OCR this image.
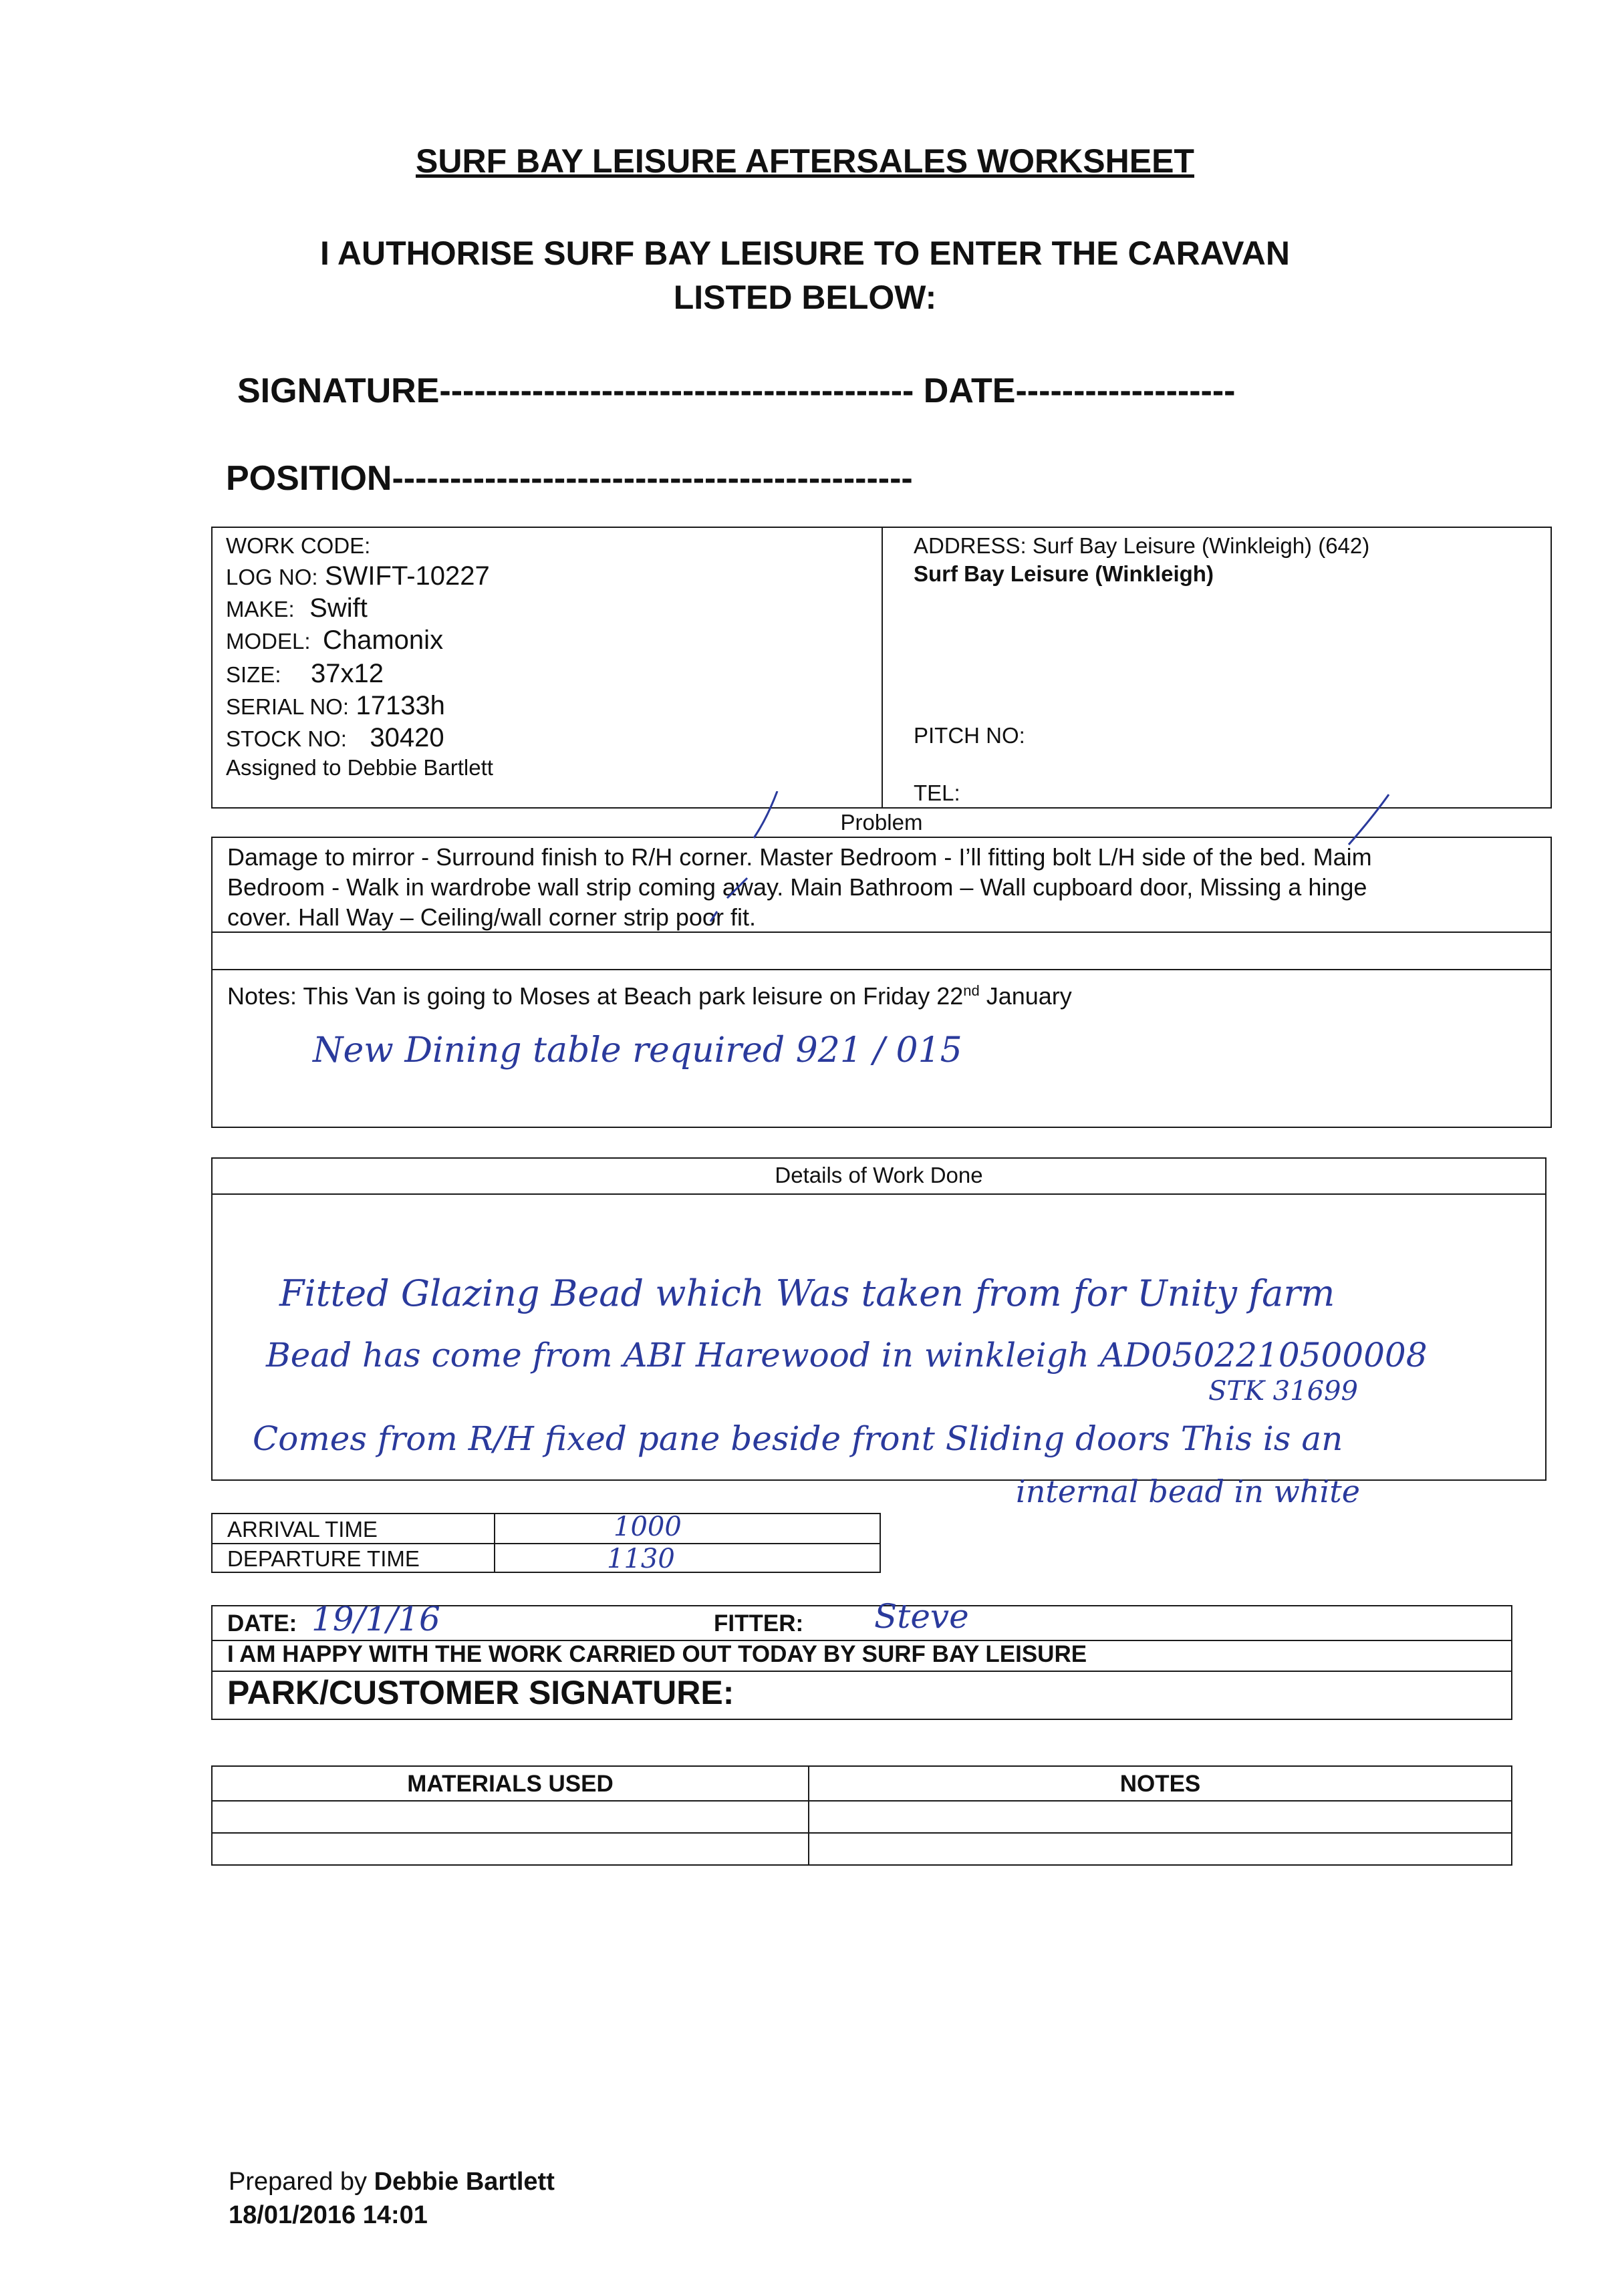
SURF BAY LEISURE AFTERSALES WORKSHEET
I AUTHORISE SURF BAY LEISURE TO ENTER THE CARAVAN
LISTED BELOW:
SIGNATURE----------------------------------------- DATE-------------------
POSITION---------------------------------------------
WORK CODE:
LOG NO: SWIFT-10227
MAKE: Swift
MODEL: Chamonix
SIZE: 37x12
SERIAL NO: 17133h
STOCK NO: 30420
Assigned to Debbie Bartlett
ADDRESS: Surf Bay Leisure (Winkleigh) (642)
Surf Bay Leisure (Winkleigh)
PITCH NO:
TEL:
Problem
Damage to mirror - Surround finish to R/H corner. Master Bedroom - I’ll fitting bolt L/H side of the bed. Maim
Bedroom - Walk in wardrobe wall strip coming away. Main Bathroom – Wall cupboard door, Missing a hinge
cover. Hall Way – Ceiling/wall corner strip poor fit.
Notes: This Van is going to Moses at Beach park leisure on Friday 22nd January
New Dining table required 921 / 015
Details of Work Done
Fitted Glazing Bead which Was taken from for Unity farm
Bead has come from ABI Harewood in winkleigh AD0502210500008
STK 31699
Comes from R/H fixed pane beside front Sliding doors This is an
internal bead in white
ARRIVAL TIME
DEPARTURE TIME
1000
1130
DATE: 19/1/16	FITTER: Steve
I AM HAPPY WITH THE WORK CARRIED OUT TODAY BY SURF BAY LEISURE
PARK/CUSTOMER SIGNATURE:
MATERIALS USED	NOTES
Prepared by Debbie Bartlett
18/01/2016 14:01
